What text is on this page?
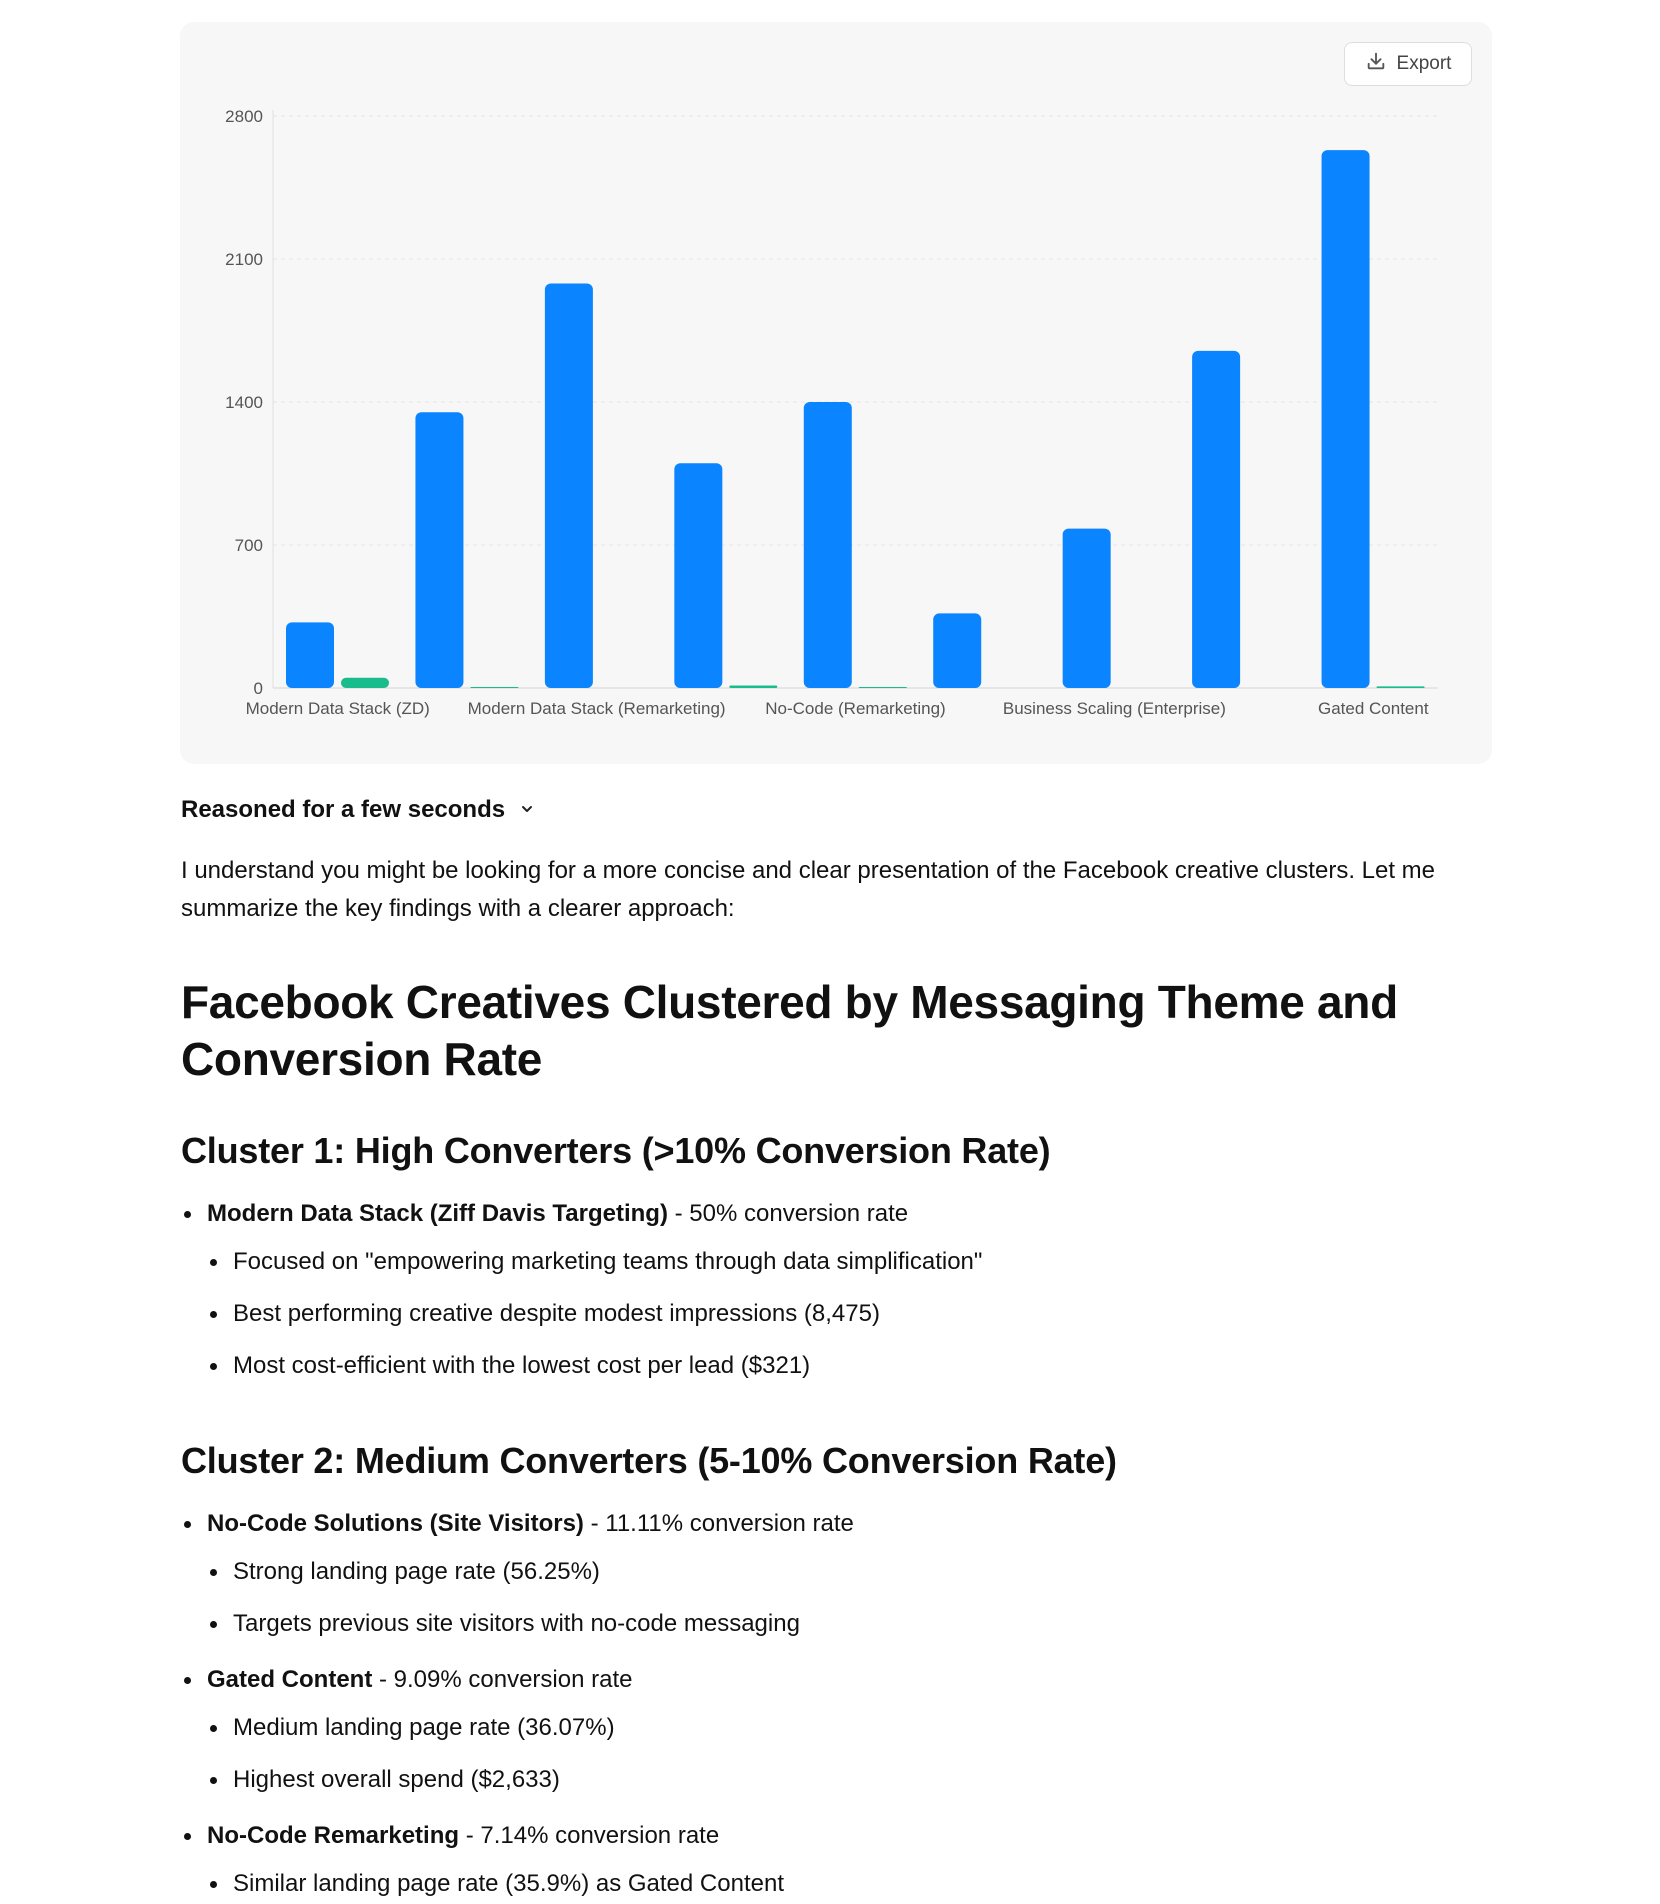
0
700
1400
2100
2800
Modern Data Stack (ZD) Modern Data Stack (Remarketing) No-Code (Remarketing)	Business Scaling (Enterprise)	Gated Content
Export
Reasoned for a few seconds

I understand you might be looking for a more concise and clear presentation of the Facebook creative clusters. Let me summarize the key findings with a clearer approach:

Facebook Creatives Clustered by Messaging Theme and Conversion Rate
Cluster 1: High Converters (>10% Conversion Rate)
Modern Data Stack (Ziff Davis Targeting) - 50% conversion rate
Focused on "empowering marketing teams through data simplification"
Best performing creative despite modest impressions (8,475)
Most cost-efficient with the lowest cost per lead ($321)
Cluster 2: Medium Converters (5-10% Conversion Rate)
No-Code Solutions (Site Visitors) - 11.11% conversion rate
Strong landing page rate (56.25%)
Targets previous site visitors with no-code messaging
Gated Content - 9.09% conversion rate
Medium landing page rate (36.07%)
Highest overall spend ($2,633)
No-Code Remarketing - 7.14% conversion rate
Similar landing page rate (35.9%) as Gated Content
